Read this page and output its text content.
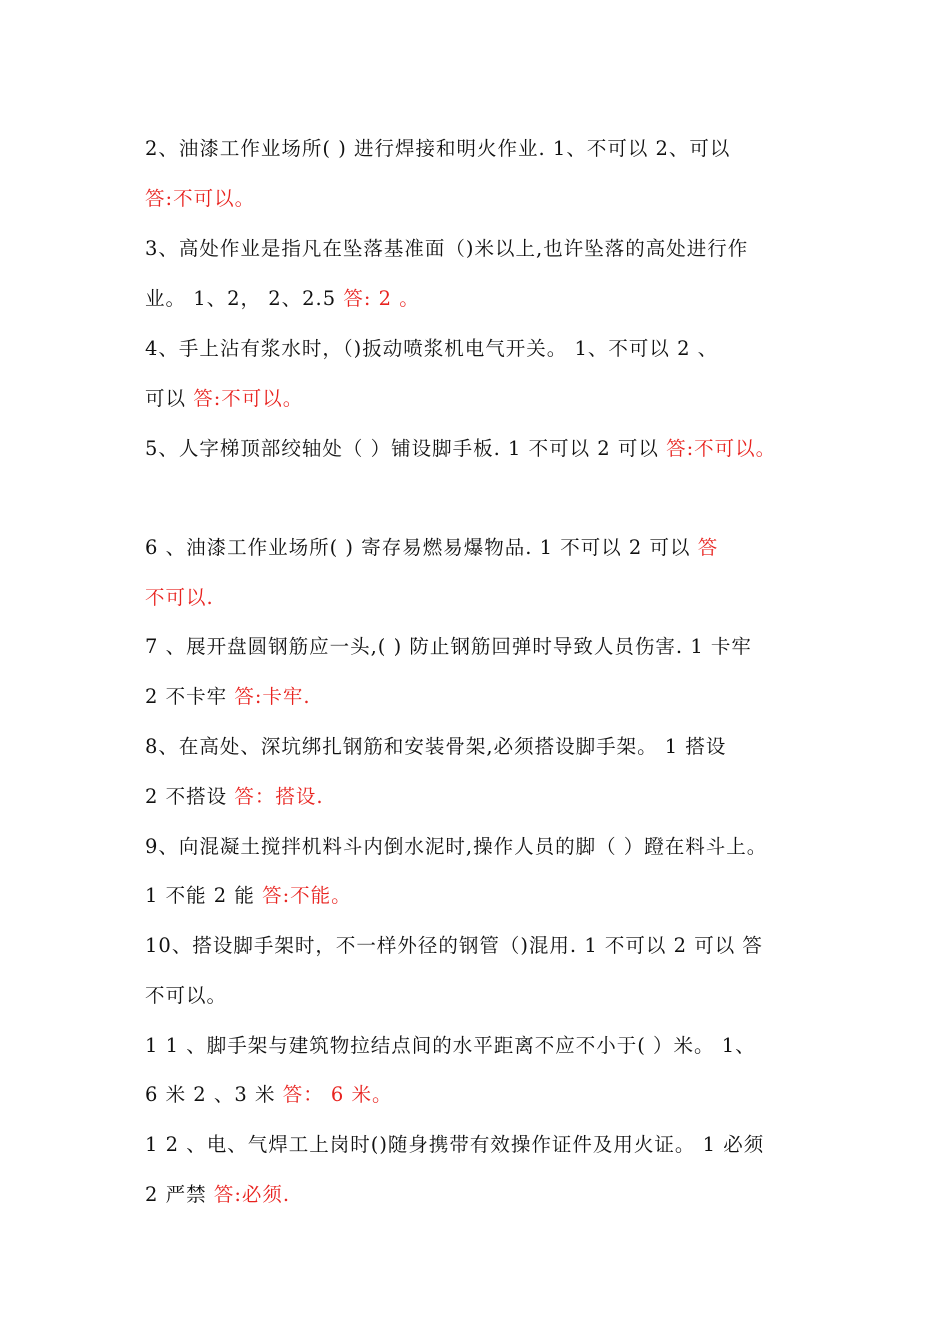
2、油漆工作业场所( ) 进行焊接和明火作业. 1、不可以 2、可以
答:不可以。
3、高处作业是指凡在坠落基准面（)米以上,也许坠落的高处进行作
业。 1、2， 2、2.5 答: 2 。
4、手上沾有浆水时，（)扳动喷浆机电气开关。 1、不可以 2 、
可以 答:不可以。
5、人字梯顶部绞轴处（ ）铺设脚手板. 1 不可以 2 可以 答:不可以。
6 、油漆工作业场所( ) 寄存易燃易爆物品. 1 不可以 2 可以 答
不可以.
7 、展开盘圆钢筋应一头,( ) 防止钢筋回弹时导致人员伤害. 1 卡牢
2 不卡牢 答:卡牢.
8、在高处、深坑绑扎钢筋和安装骨架,必须搭设脚手架。 1 搭设
2 不搭设 答：搭设.
9、向混凝土搅拌机料斗内倒水泥时,操作人员的脚（ ）蹬在料斗上。
1 不能 2 能 答:不能。
10、搭设脚手架时，不一样外径的钢管（)混用. 1 不可以 2 可以 答
不可以。
1 1 、脚手架与建筑物拉结点间的水平距离不应不小于( ）米。 1、
6 米 2 、3 米 答： 6 米。
1 2 、电、气焊工上岗时()随身携带有效操作证件及用火证。 1 必须
2 严禁 答:必须.
